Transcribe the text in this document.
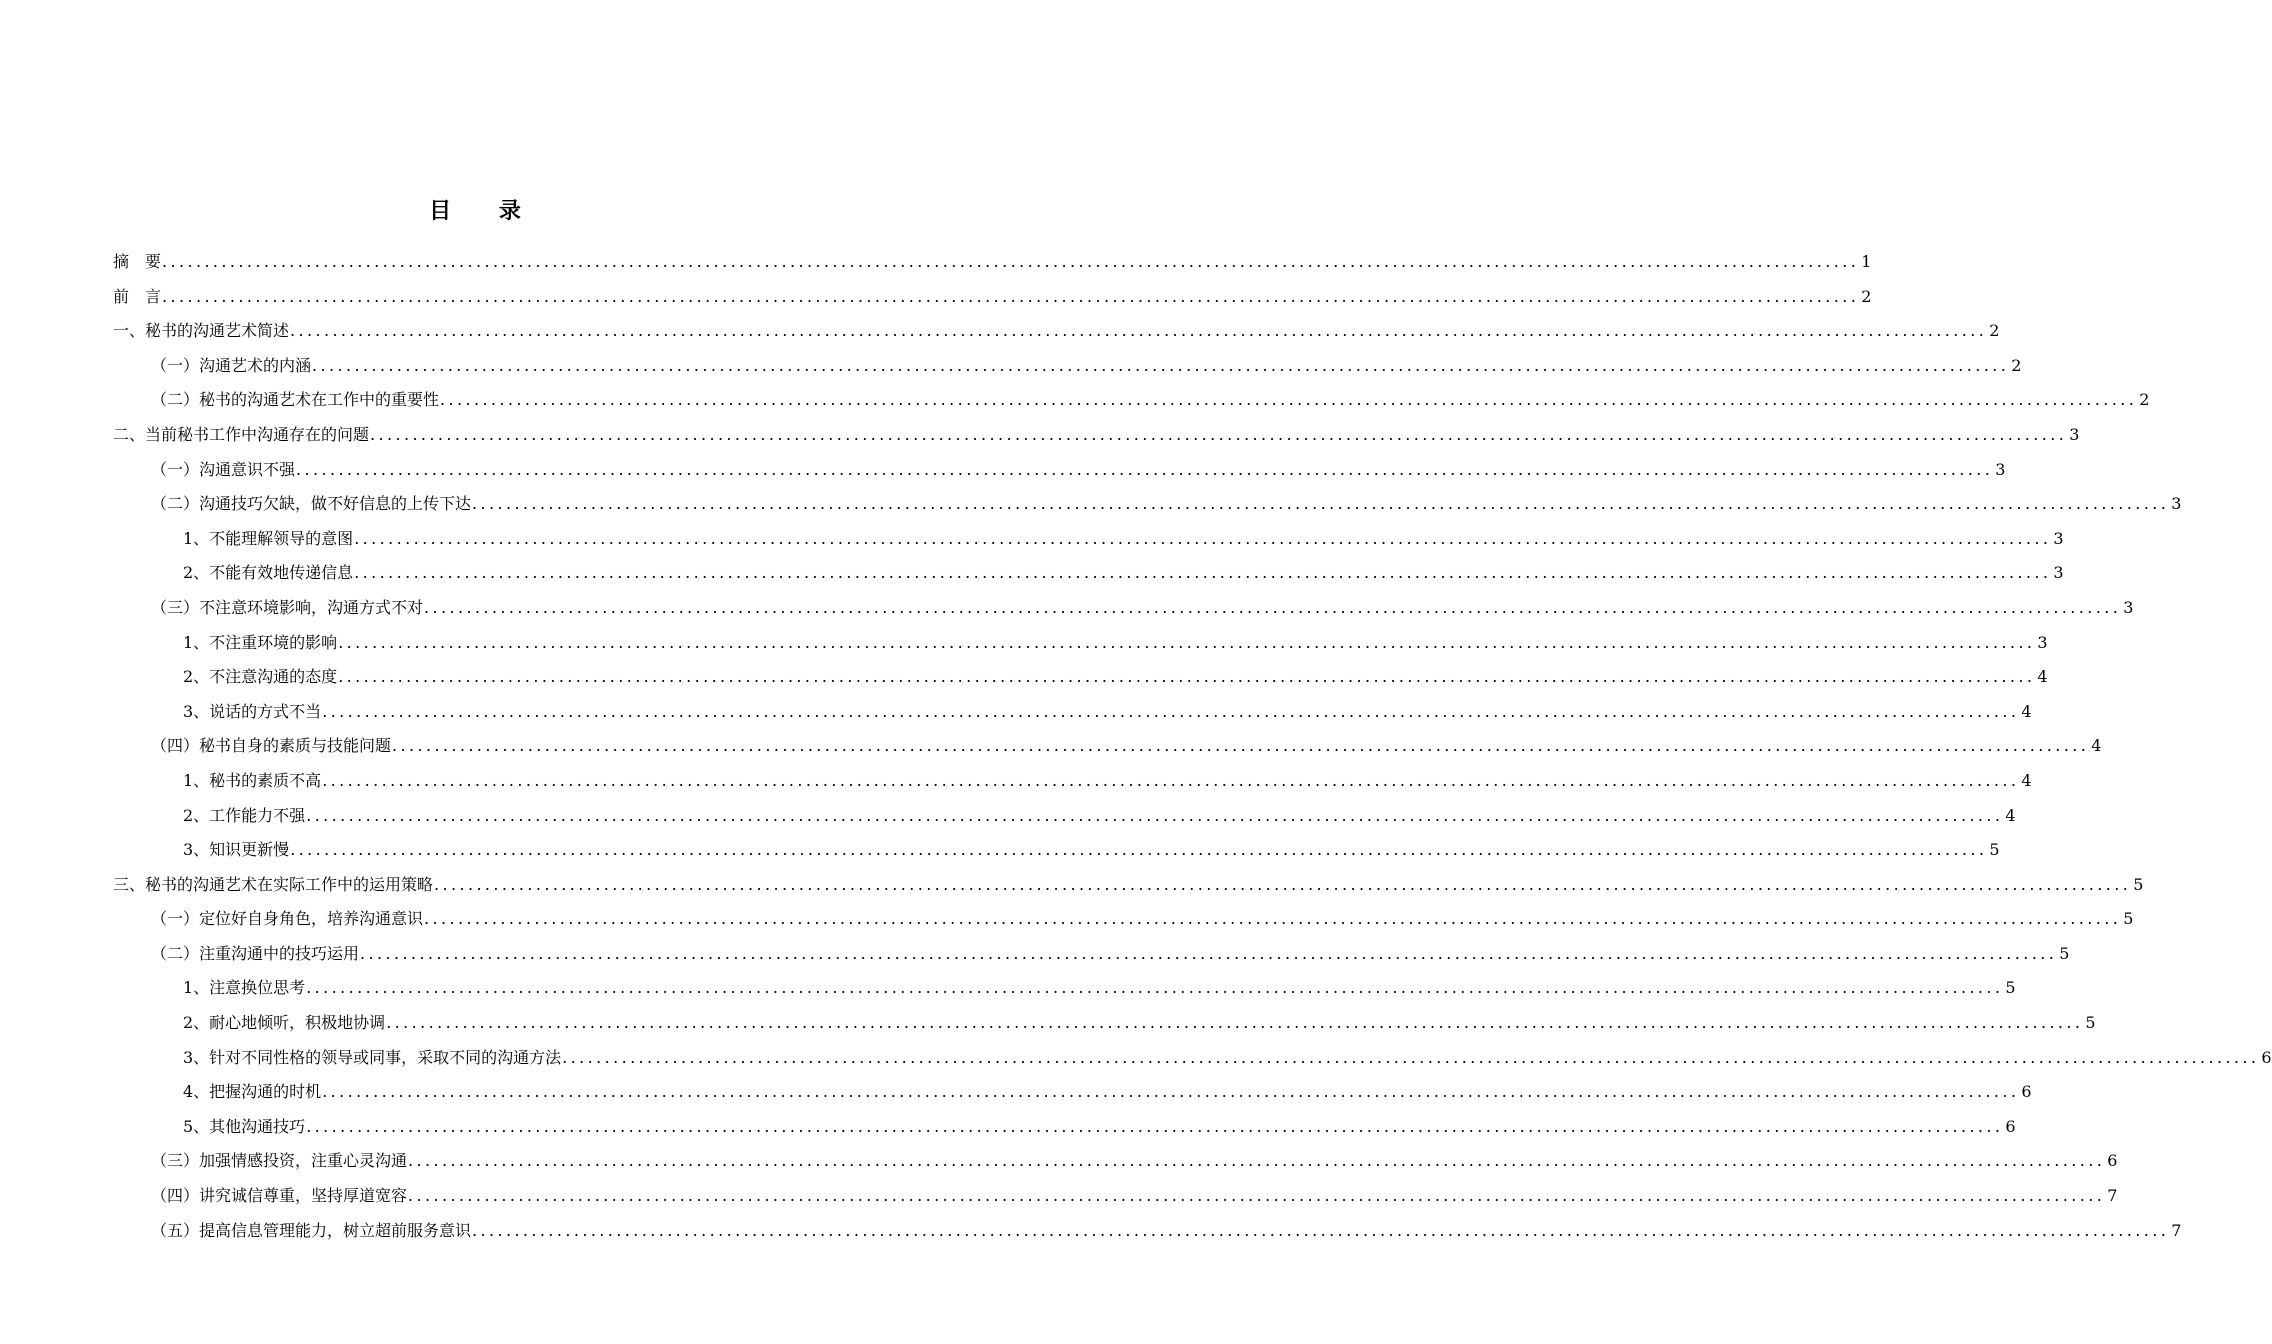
目 录
摘　要 ........................................................................................................................................................................................................ 1
前　言 ........................................................................................................................................................................................................ 2
一、秘书的沟通艺术简述 ........................................................................................................................................................................................................ 2
（一）沟通艺术的内涵 ........................................................................................................................................................................................................ 2
（二）秘书的沟通艺术在工作中的重要性 ........................................................................................................................................................................................................ 2
二、当前秘书工作中沟通存在的问题 ........................................................................................................................................................................................................ 3
（一）沟通意识不强 ........................................................................................................................................................................................................ 3
（二）沟通技巧欠缺，做不好信息的上传下达 ........................................................................................................................................................................................................ 3
1、不能理解领导的意图 ........................................................................................................................................................................................................ 3
2、不能有效地传递信息 ........................................................................................................................................................................................................ 3
（三）不注意环境影响，沟通方式不对 ........................................................................................................................................................................................................ 3
1、不注重环境的影响 ........................................................................................................................................................................................................ 3
2、不注意沟通的态度 ........................................................................................................................................................................................................ 4
3、说话的方式不当 ........................................................................................................................................................................................................ 4
（四）秘书自身的素质与技能问题 ........................................................................................................................................................................................................ 4
1、秘书的素质不高 ........................................................................................................................................................................................................ 4
2、工作能力不强 ........................................................................................................................................................................................................ 4
3、知识更新慢 ........................................................................................................................................................................................................ 5
三、秘书的沟通艺术在实际工作中的运用策略 ........................................................................................................................................................................................................ 5
（一）定位好自身角色，培养沟通意识 ........................................................................................................................................................................................................ 5
（二）注重沟通中的技巧运用 ........................................................................................................................................................................................................ 5
1、注意换位思考 ........................................................................................................................................................................................................ 5
2、耐心地倾听，积极地协调 ........................................................................................................................................................................................................ 5
3、针对不同性格的领导或同事，采取不同的沟通方法 ........................................................................................................................................................................................................ 6
4、把握沟通的时机 ........................................................................................................................................................................................................ 6
5、其他沟通技巧 ........................................................................................................................................................................................................ 6
（三）加强情感投资，注重心灵沟通 ........................................................................................................................................................................................................ 6
（四）讲究诚信尊重，坚持厚道宽容 ........................................................................................................................................................................................................ 7
（五）提高信息管理能力，树立超前服务意识 ........................................................................................................................................................................................................ 7
